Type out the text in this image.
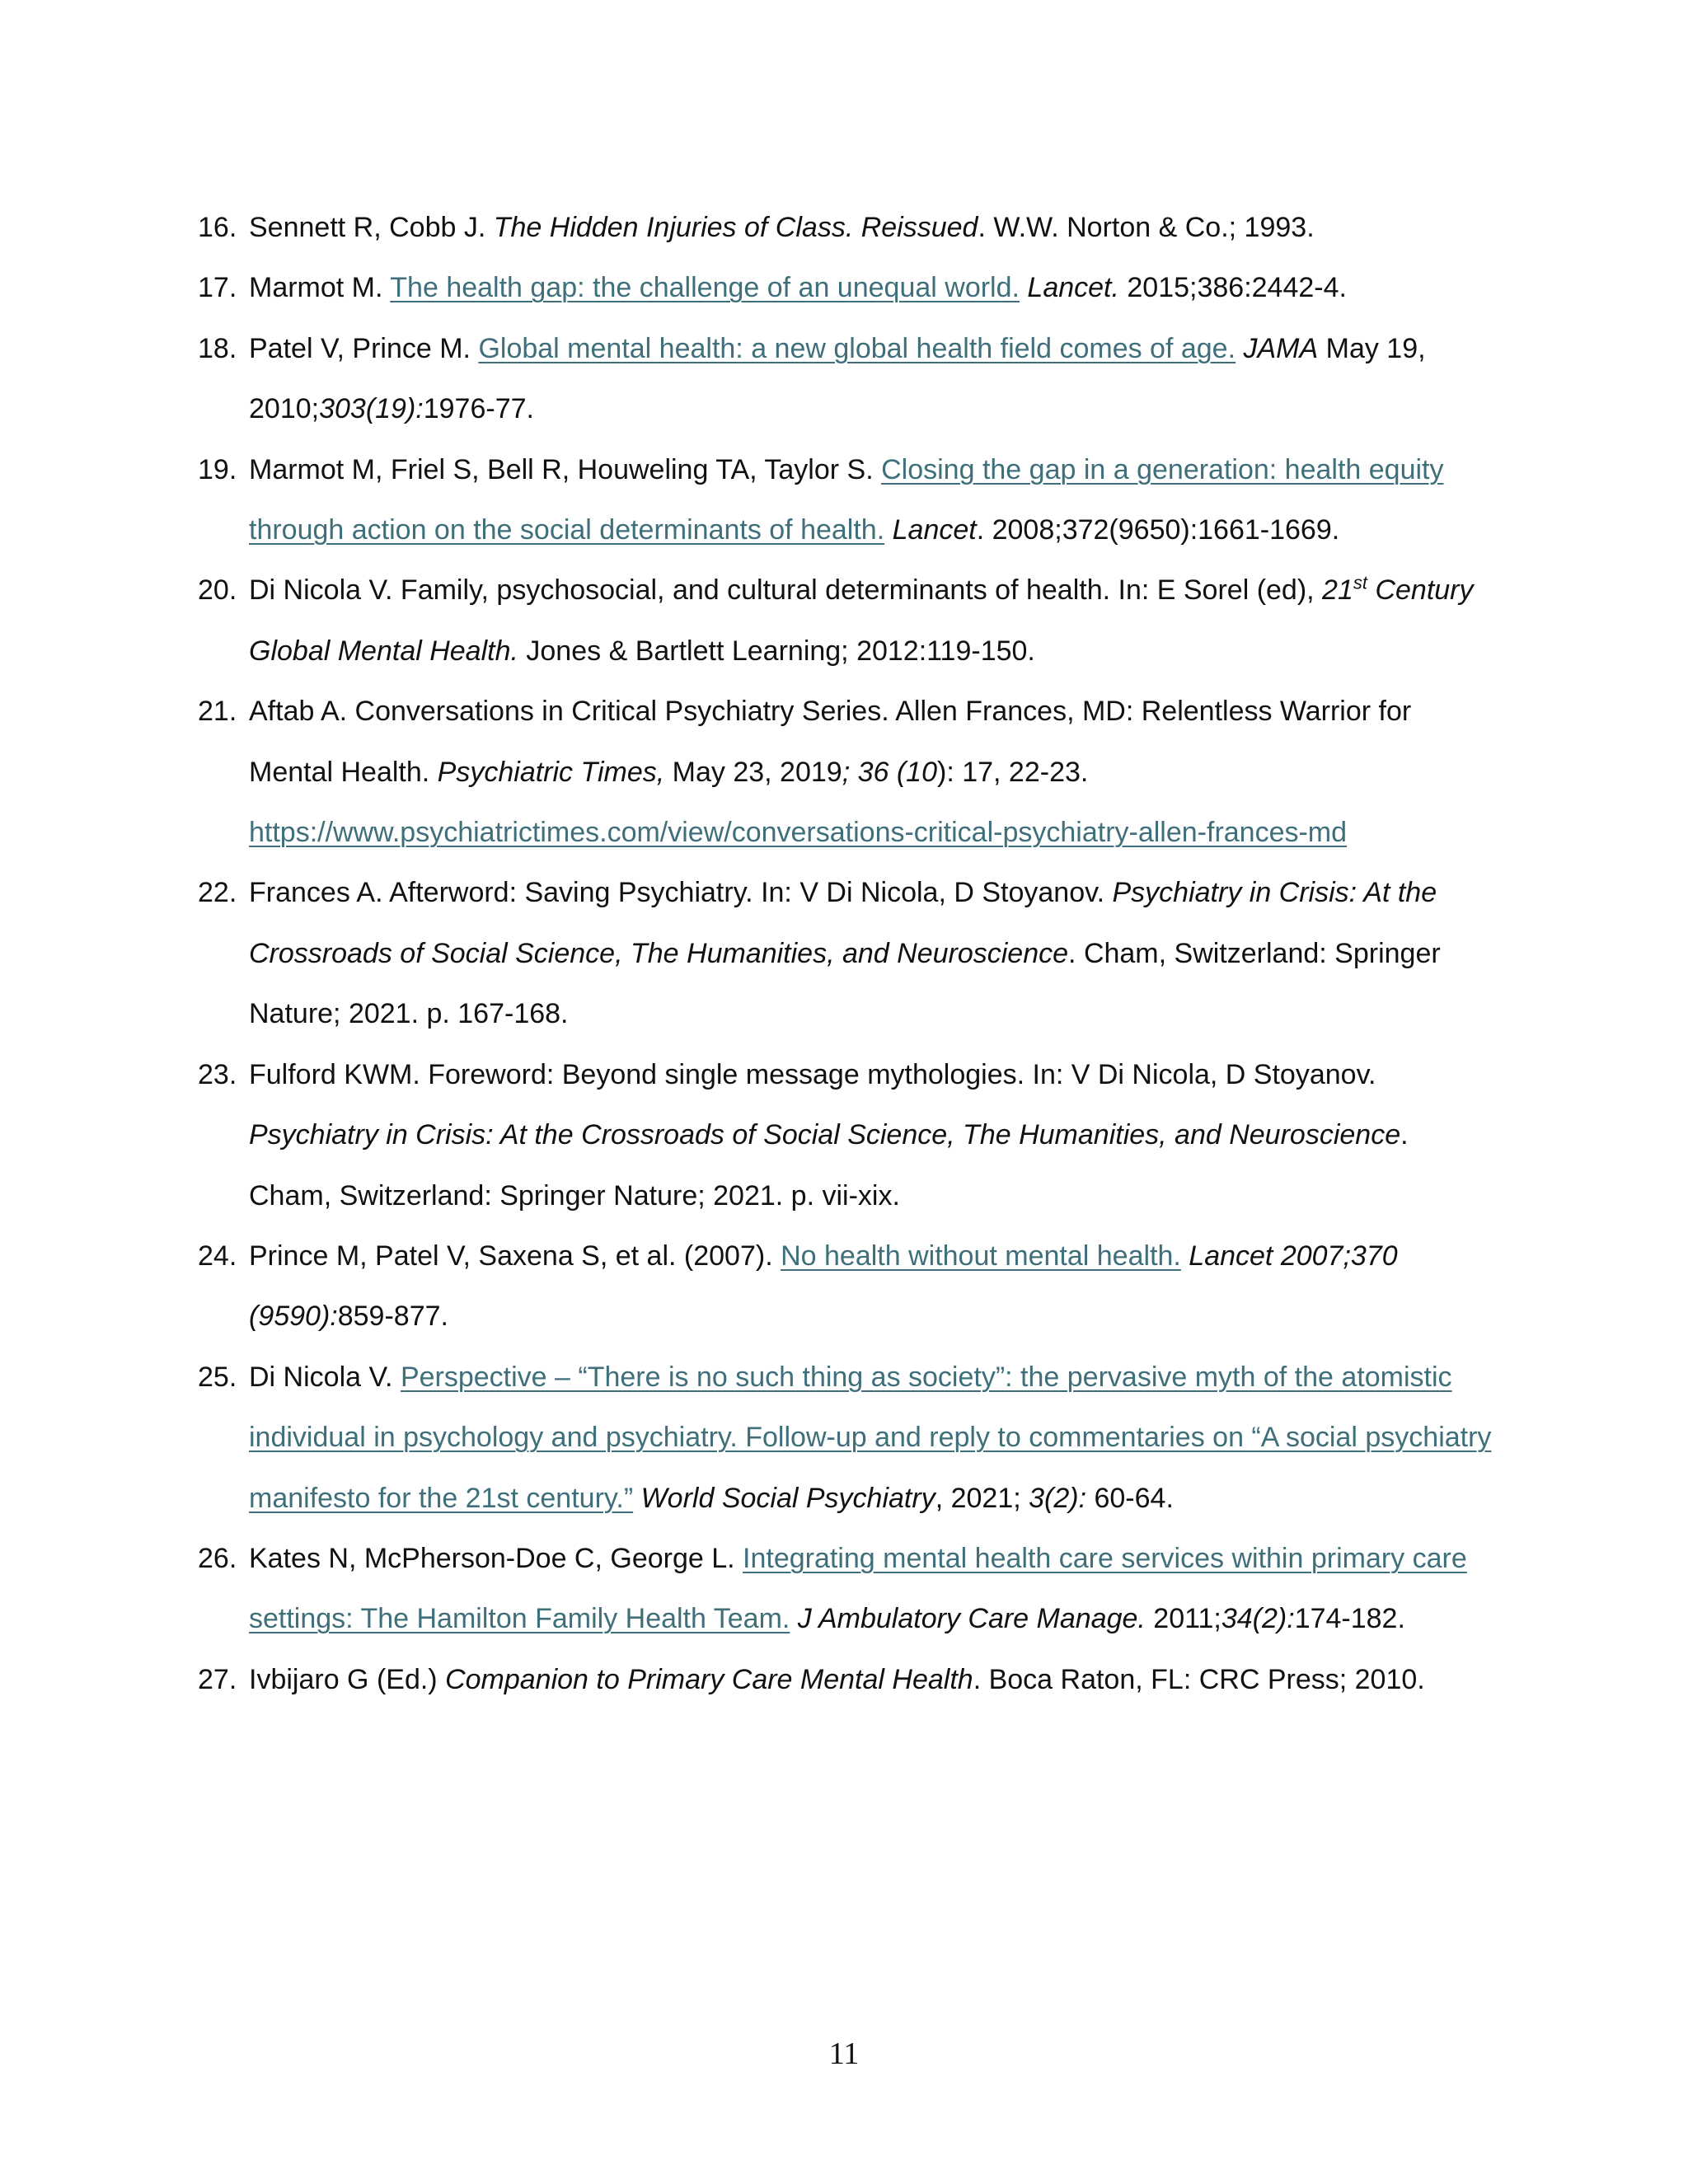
16. Sennett R, Cobb J. The Hidden Injuries of Class. Reissued. W.W. Norton & Co.; 1993.
17. Marmot M. The health gap: the challenge of an unequal world. Lancet. 2015;386:2442-4.
18. Patel V, Prince M. Global mental health: a new global health field comes of age. JAMA May 19, 2010;303(19):1976-77.
19. Marmot M, Friel S, Bell R, Houweling TA, Taylor S. Closing the gap in a generation: health equity through action on the social determinants of health. Lancet. 2008;372(9650):1661-1669.
20. Di Nicola V. Family, psychosocial, and cultural determinants of health. In: E Sorel (ed), 21st Century Global Mental Health. Jones & Bartlett Learning; 2012:119-150.
21. Aftab A. Conversations in Critical Psychiatry Series. Allen Frances, MD: Relentless Warrior for Mental Health. Psychiatric Times, May 23, 2019; 36 (10): 17, 22-23. https://www.psychiatrictimes.com/view/conversations-critical-psychiatry-allen-frances-md
22. Frances A. Afterword: Saving Psychiatry. In: V Di Nicola, D Stoyanov. Psychiatry in Crisis: At the Crossroads of Social Science, The Humanities, and Neuroscience. Cham, Switzerland: Springer Nature; 2021. p. 167-168.
23. Fulford KWM. Foreword: Beyond single message mythologies. In: V Di Nicola, D Stoyanov. Psychiatry in Crisis: At the Crossroads of Social Science, The Humanities, and Neuroscience. Cham, Switzerland: Springer Nature; 2021. p. vii-xix.
24. Prince M, Patel V, Saxena S, et al. (2007). No health without mental health. Lancet 2007;370 (9590):859-877.
25. Di Nicola V. Perspective – “There is no such thing as society”: the pervasive myth of the atomistic individual in psychology and psychiatry. Follow-up and reply to commentaries on “A social psychiatry manifesto for the 21st century.” World Social Psychiatry, 2021; 3(2): 60-64.
26. Kates N, McPherson-Doe C, George L. Integrating mental health care services within primary care settings: The Hamilton Family Health Team. J Ambulatory Care Manage. 2011;34(2):174-182.
27. Ivbijaro G (Ed.) Companion to Primary Care Mental Health. Boca Raton, FL: CRC Press; 2010.
11
